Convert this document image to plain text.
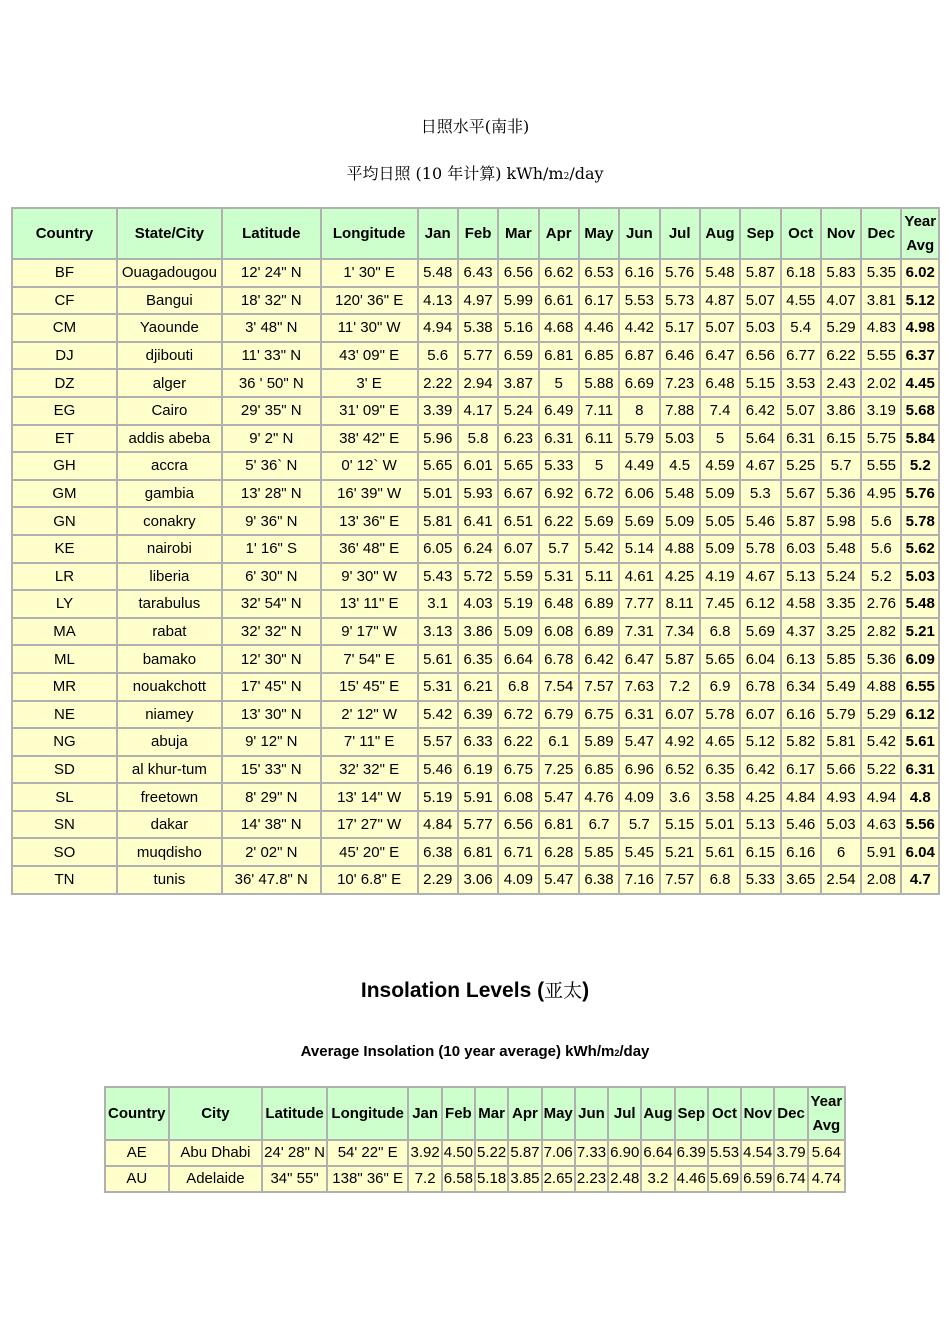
日照水平(南非)
平均日照 (10 年计算) kWh/m2/day
Country	State/City	Latitude	Longitude	Jan	Feb	Mar	Apr	May	Jun	Jul	Aug	Sep	Oct	Nov	Dec	Year Avg
BF	Ouagadougou	12' 24" N	1' 30" E	5.48	6.43	6.56	6.62	6.53	6.16	5.76	5.48	5.87	6.18	5.83	5.35	6.02
CF	Bangui	18' 32" N	120' 36" E	4.13	4.97	5.99	6.61	6.17	5.53	5.73	4.87	5.07	4.55	4.07	3.81	5.12
CM	Yaounde	3' 48" N	11' 30" W	4.94	5.38	5.16	4.68	4.46	4.42	5.17	5.07	5.03	5.4	5.29	4.83	4.98
DJ	djibouti	11' 33" N	43' 09" E	5.6	5.77	6.59	6.81	6.85	6.87	6.46	6.47	6.56	6.77	6.22	5.55	6.37
DZ	alger	36 ' 50" N	3' E	2.22	2.94	3.87	5	5.88	6.69	7.23	6.48	5.15	3.53	2.43	2.02	4.45
EG	Cairo	29' 35" N	31' 09" E	3.39	4.17	5.24	6.49	7.11	8	7.88	7.4	6.42	5.07	3.86	3.19	5.68
ET	addis abeba	9' 2" N	38' 42" E	5.96	5.8	6.23	6.31	6.11	5.79	5.03	5	5.64	6.31	6.15	5.75	5.84
GH	accra	5' 36` N	0' 12` W	5.65	6.01	5.65	5.33	5	4.49	4.5	4.59	4.67	5.25	5.7	5.55	5.2
GM	gambia	13' 28" N	16' 39" W	5.01	5.93	6.67	6.92	6.72	6.06	5.48	5.09	5.3	5.67	5.36	4.95	5.76
GN	conakry	9' 36" N	13' 36" E	5.81	6.41	6.51	6.22	5.69	5.69	5.09	5.05	5.46	5.87	5.98	5.6	5.78
KE	nairobi	1' 16" S	36' 48" E	6.05	6.24	6.07	5.7	5.42	5.14	4.88	5.09	5.78	6.03	5.48	5.6	5.62
LR	liberia	6' 30" N	9' 30" W	5.43	5.72	5.59	5.31	5.11	4.61	4.25	4.19	4.67	5.13	5.24	5.2	5.03
LY	tarabulus	32' 54" N	13' 11" E	3.1	4.03	5.19	6.48	6.89	7.77	8.11	7.45	6.12	4.58	3.35	2.76	5.48
MA	rabat	32' 32" N	9' 17" W	3.13	3.86	5.09	6.08	6.89	7.31	7.34	6.8	5.69	4.37	3.25	2.82	5.21
ML	bamako	12' 30" N	7' 54" E	5.61	6.35	6.64	6.78	6.42	6.47	5.87	5.65	6.04	6.13	5.85	5.36	6.09
MR	nouakchott	17' 45" N	15' 45" E	5.31	6.21	6.8	7.54	7.57	7.63	7.2	6.9	6.78	6.34	5.49	4.88	6.55
NE	niamey	13' 30" N	2' 12" W	5.42	6.39	6.72	6.79	6.75	6.31	6.07	5.78	6.07	6.16	5.79	5.29	6.12
NG	abuja	9' 12" N	7' 11" E	5.57	6.33	6.22	6.1	5.89	5.47	4.92	4.65	5.12	5.82	5.81	5.42	5.61
SD	al khur-tum	15' 33" N	32' 32" E	5.46	6.19	6.75	7.25	6.85	6.96	6.52	6.35	6.42	6.17	5.66	5.22	6.31
SL	freetown	8' 29" N	13' 14" W	5.19	5.91	6.08	5.47	4.76	4.09	3.6	3.58	4.25	4.84	4.93	4.94	4.8
SN	dakar	14' 38" N	17' 27" W	4.84	5.77	6.56	6.81	6.7	5.7	5.15	5.01	5.13	5.46	5.03	4.63	5.56
SO	muqdisho	2' 02" N	45' 20" E	6.38	6.81	6.71	6.28	5.85	5.45	5.21	5.61	6.15	6.16	6	5.91	6.04
TN	tunis	36' 47.8" N	10' 6.8" E	2.29	3.06	4.09	5.47	6.38	7.16	7.57	6.8	5.33	3.65	2.54	2.08	4.7
Insolation Levels (亚太)
Average Insolation (10 year average) kWh/m2/day
Country	City	Latitude	Longitude	Jan	Feb	Mar	Apr	May	Jun	Jul	Aug	Sep	Oct	Nov	Dec	Year Avg
AE	Abu Dhabi	24' 28" N	54' 22" E	3.92	4.50	5.22	5.87	7.06	7.33	6.90	6.64	6.39	5.53	4.54	3.79	5.64
AU	Adelaide	34" 55"	138" 36" E	7.2	6.58	5.18	3.85	2.65	2.23	2.48	3.2	4.46	5.69	6.59	6.74	4.74
